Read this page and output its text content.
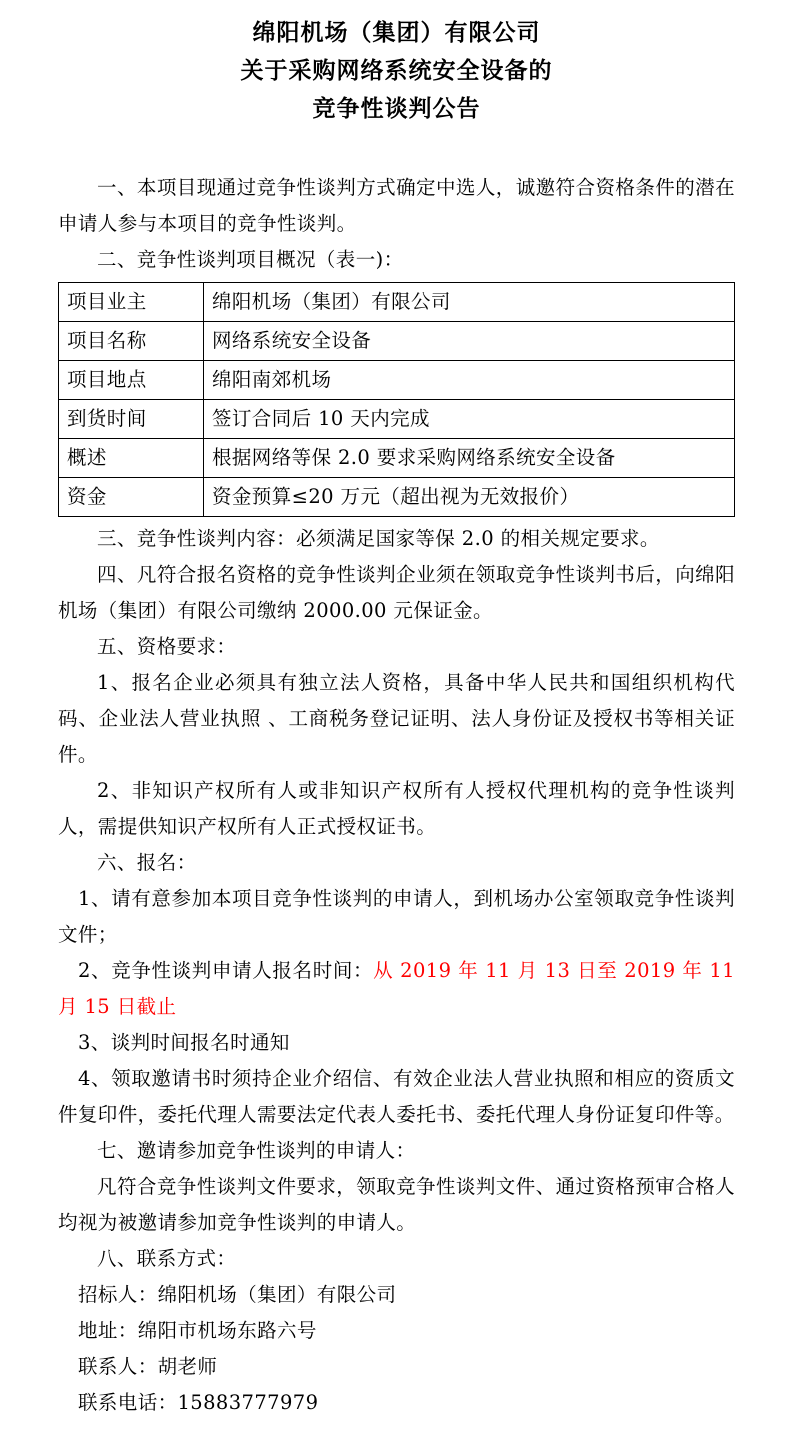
绵阳机场（集团）有限公司
关于采购网络系统安全设备的
竞争性谈判公告

一、本项目现通过竞争性谈判方式确定中选人，诚邀符合资格条件的潜在申请人参与本项目的竞争性谈判。

二、竞争性谈判项目概况（表一)：

项目业主	绵阳机场（集团）有限公司
项目名称	网络系统安全设备
项目地点	绵阳南郊机场
到货时间	签订合同后 10 天内完成
概述	根据网络等保 2.0 要求采购网络系统安全设备
资金	资金预算≤20 万元（超出视为无效报价）

三、竞争性谈判内容：必须满足国家等保 2.0 的相关规定要求。

四、凡符合报名资格的竞争性谈判企业须在领取竞争性谈判书后，向绵阳机场（集团）有限公司缴纳 2000.00 元保证金。

五、资格要求：

1、报名企业必须具有独立法人资格，具备中华人民共和国组织机构代码、企业法人营业执照 、工商税务登记证明、法人身份证及授权书等相关证件。

2、非知识产权所有人或非知识产权所有人授权代理机构的竞争性谈判人，需提供知识产权所有人正式授权证书。

六、报名：

1、请有意参加本项目竞争性谈判的申请人，到机场办公室领取竞争性谈判文件；

2、竞争性谈判申请人报名时间：从 2019 年 11 月 13 日至 2019 年 11 月 15 日截止

3、谈判时间报名时通知

4、领取邀请书时须持企业介绍信、有效企业法人营业执照和相应的资质文件复印件，委托代理人需要法定代表人委托书、委托代理人身份证复印件等。

七、邀请参加竞争性谈判的申请人：

凡符合竞争性谈判文件要求，领取竞争性谈判文件、通过资格预审合格人均视为被邀请参加竞争性谈判的申请人。

八、联系方式：

招标人：绵阳机场（集团）有限公司

地址：绵阳市机场东路六号

联系人：胡老师

联系电话：15883777979
